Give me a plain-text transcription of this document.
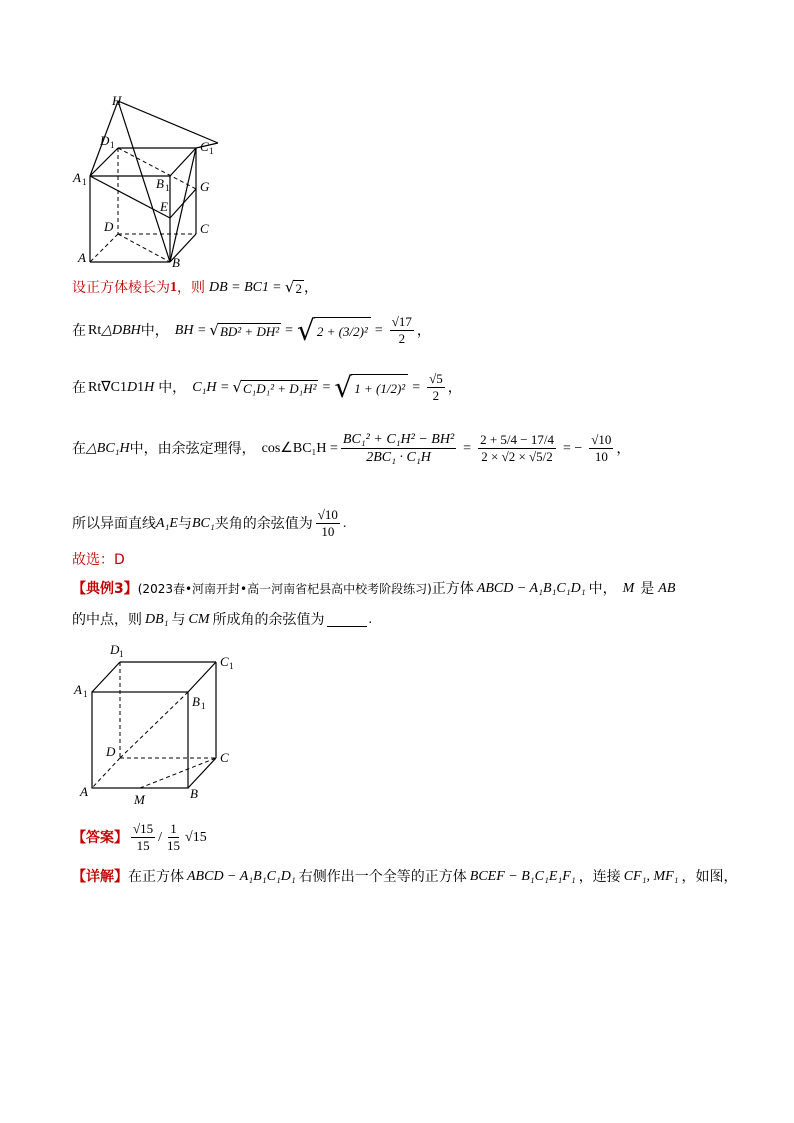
H
D 1	C 1
A 1	B 1 G
E
D	C
A	B
设正方体棱长为 1 ，则 DB = BC 1 = √ 2 ，
在 Rt △DBH 中， BH = √ BD² + DH² = √ $2 + (3/2)^2 = \frac{√17}{2}$ ，
在 Rt∇C 1 D 1 H 中， C₁H = √ C₁D₁² + D₁H² = √ $1 + (1/2)^2 = \frac{√5}{2}$ ，
在 △BC₁H 中，由余弦定理得， cos∠BC₁H = $\frac{\text{BC₁² + C₁H² − BH²}}{\text{2BC₁ · C₁H}} = \frac{2 + 5/4 - 17/4}{2 \times √2 \times √5/2}$ = − $\frac{√10}{10}$ ，
所以异面直线 A₁E 与 BC₁ 夹角的余弦值为 $\frac{√10}{10}$ .
故选：D
【典例3】 (2023春•河南开封•高一河南省杞县高中校考阶段练习) 正方体 ABCD − A₁B₁C₁D₁ 中， M 是 AB
的中点，则 DB₁ 与 CM 所成角的余弦值为	.
D 1	C 1
A 1	B 1
D	C
A
M	B
【答案】 $\frac{√15}{15} / \frac{1}{15} √15$
【详解】 在正方体 ABCD − A₁B₁C₁D₁ 右侧作出一个全等的正方体 BCEF − B₁C₁E₁F₁ ，连接 CF₁, MF₁ ，如图，
